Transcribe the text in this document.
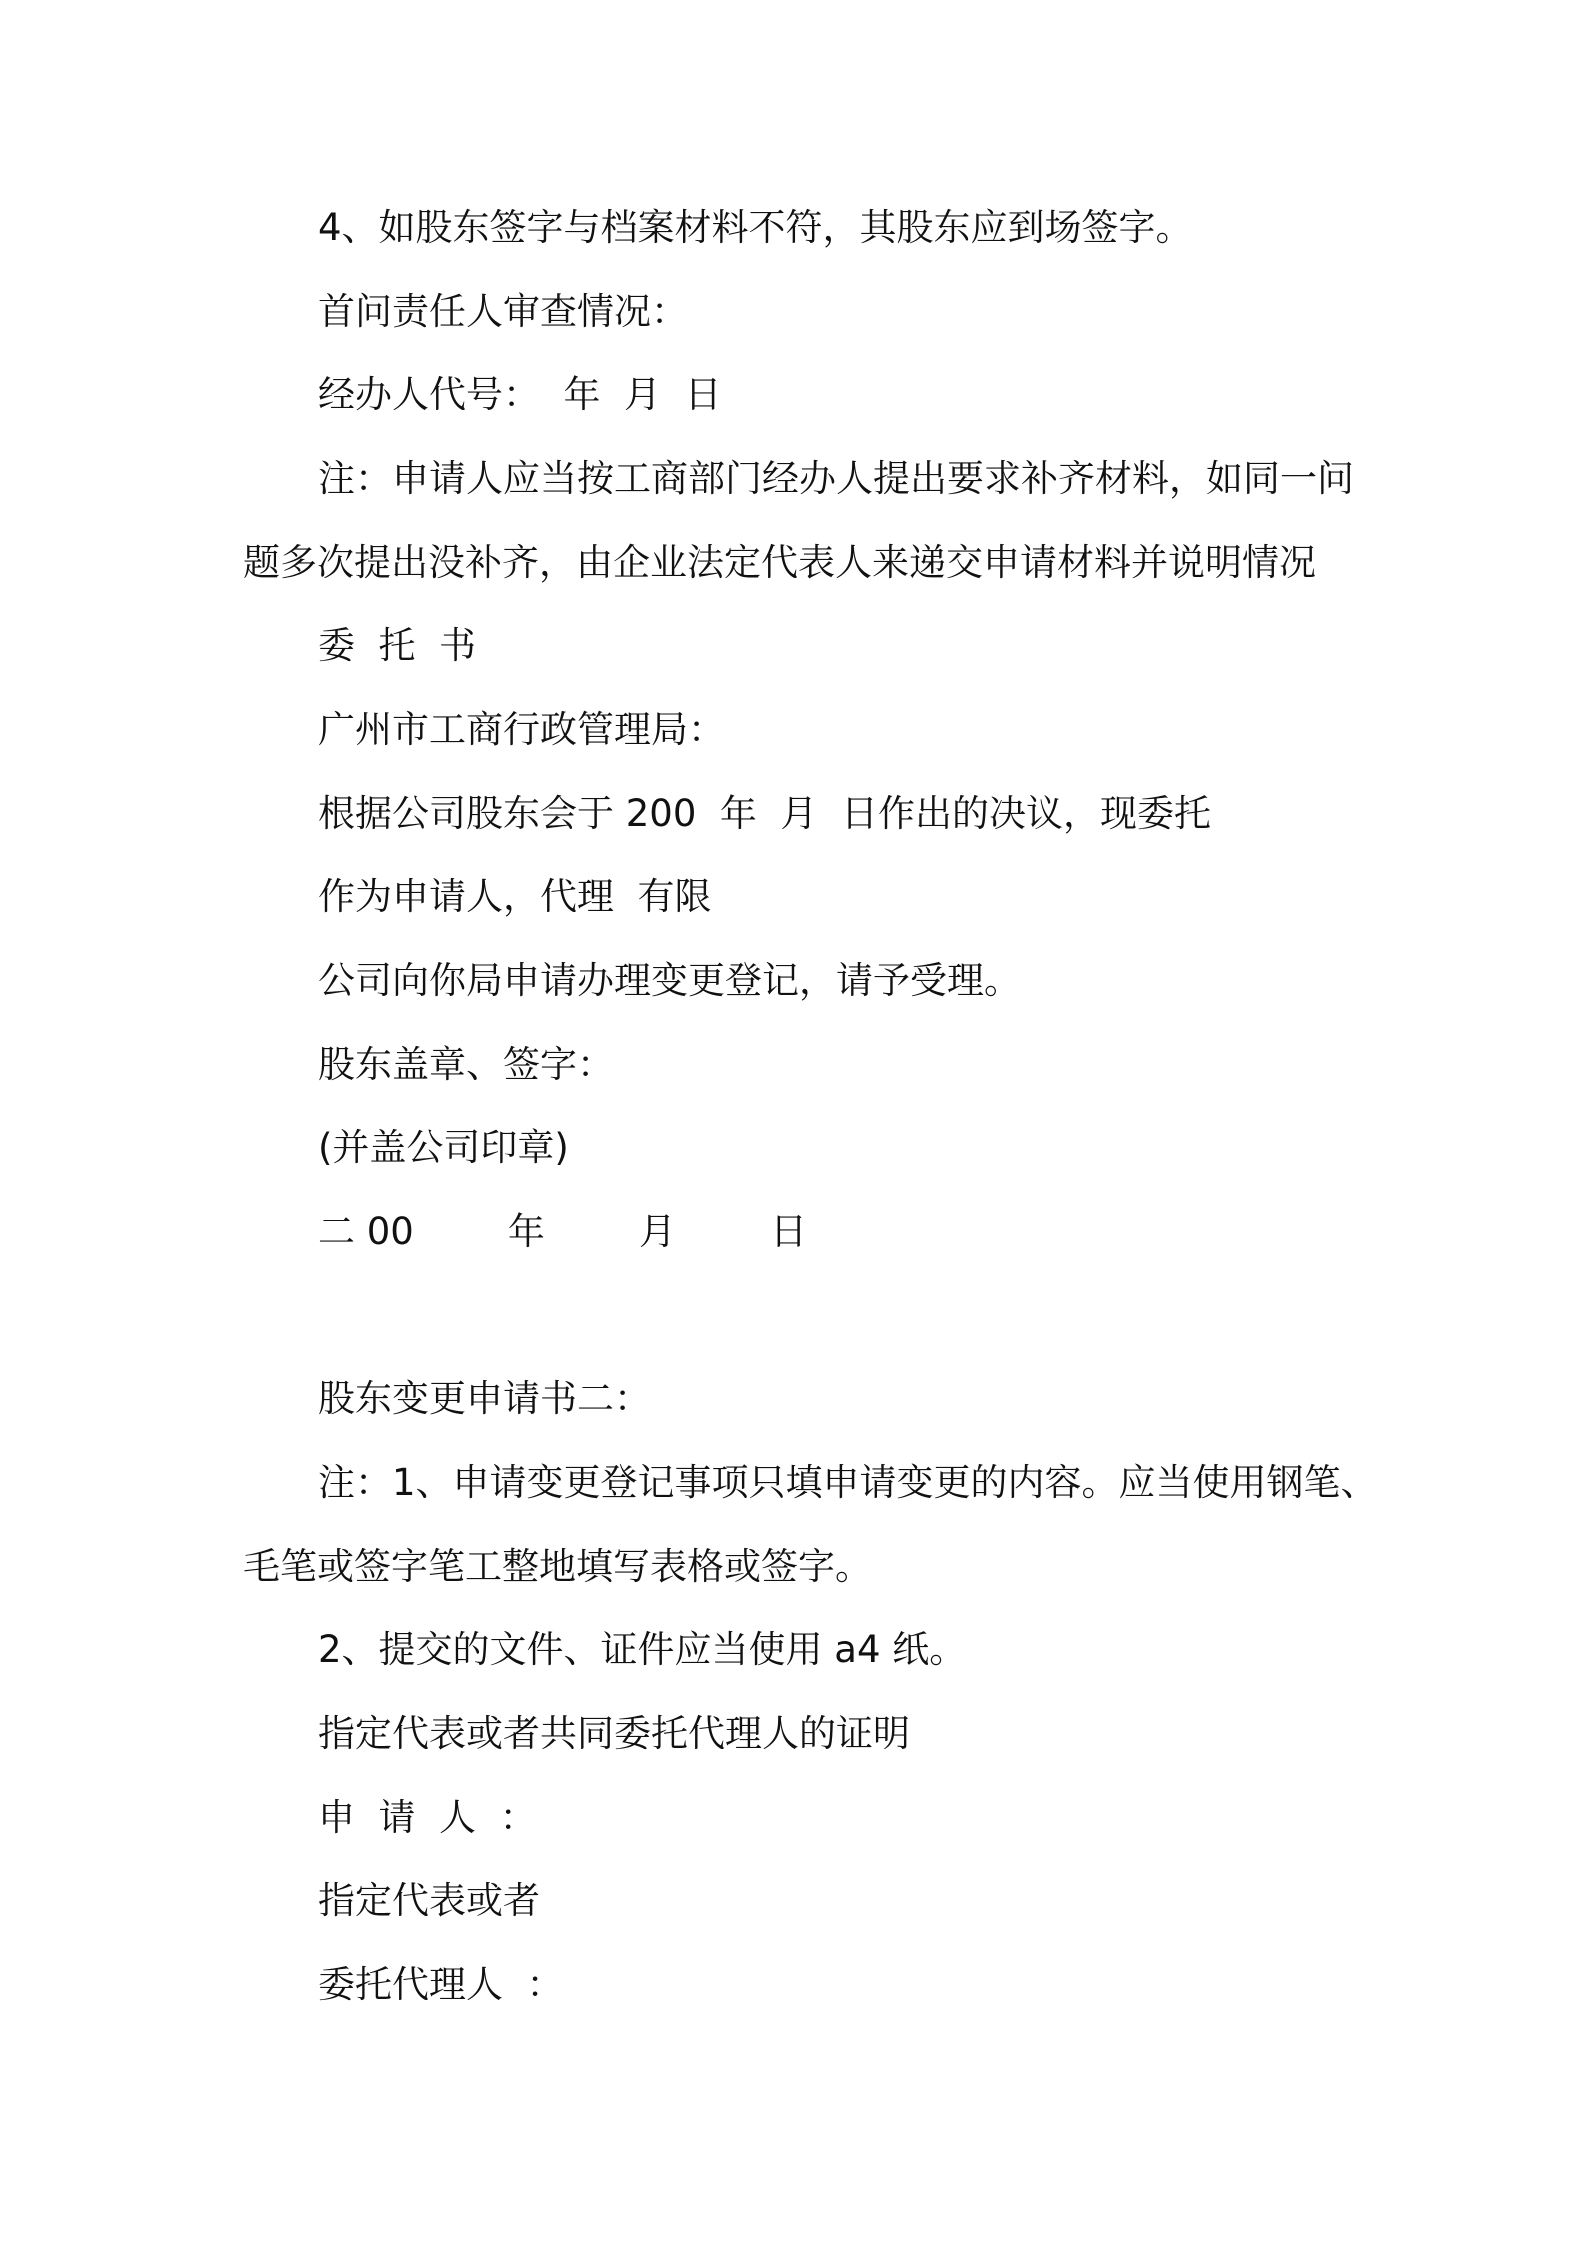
4、如股东签字与档案材料不符，其股东应到场签字。
首问责任人审查情况：
经办人代号：  年  月  日
注：申请人应当按工商部门经办人提出要求补齐材料，如同一问
题多次提出没补齐，由企业法定代表人来递交申请材料并说明情况
委  托  书
广州市工商行政管理局：
根据公司股东会于 200  年  月  日作出的决议，现委托
作为申请人，代理  有限
公司向你局申请办理变更登记，请予受理。
股东盖章、签字：
(并盖公司印章)
二 00        年        月        日
股东变更申请书二：
注：1、申请变更登记事项只填申请变更的内容。应当使用钢笔、
毛笔或签字笔工整地填写表格或签字。
2、提交的文件、证件应当使用 a4 纸。
指定代表或者共同委托代理人的证明
申  请  人  ：
指定代表或者
委托代理人  ：
